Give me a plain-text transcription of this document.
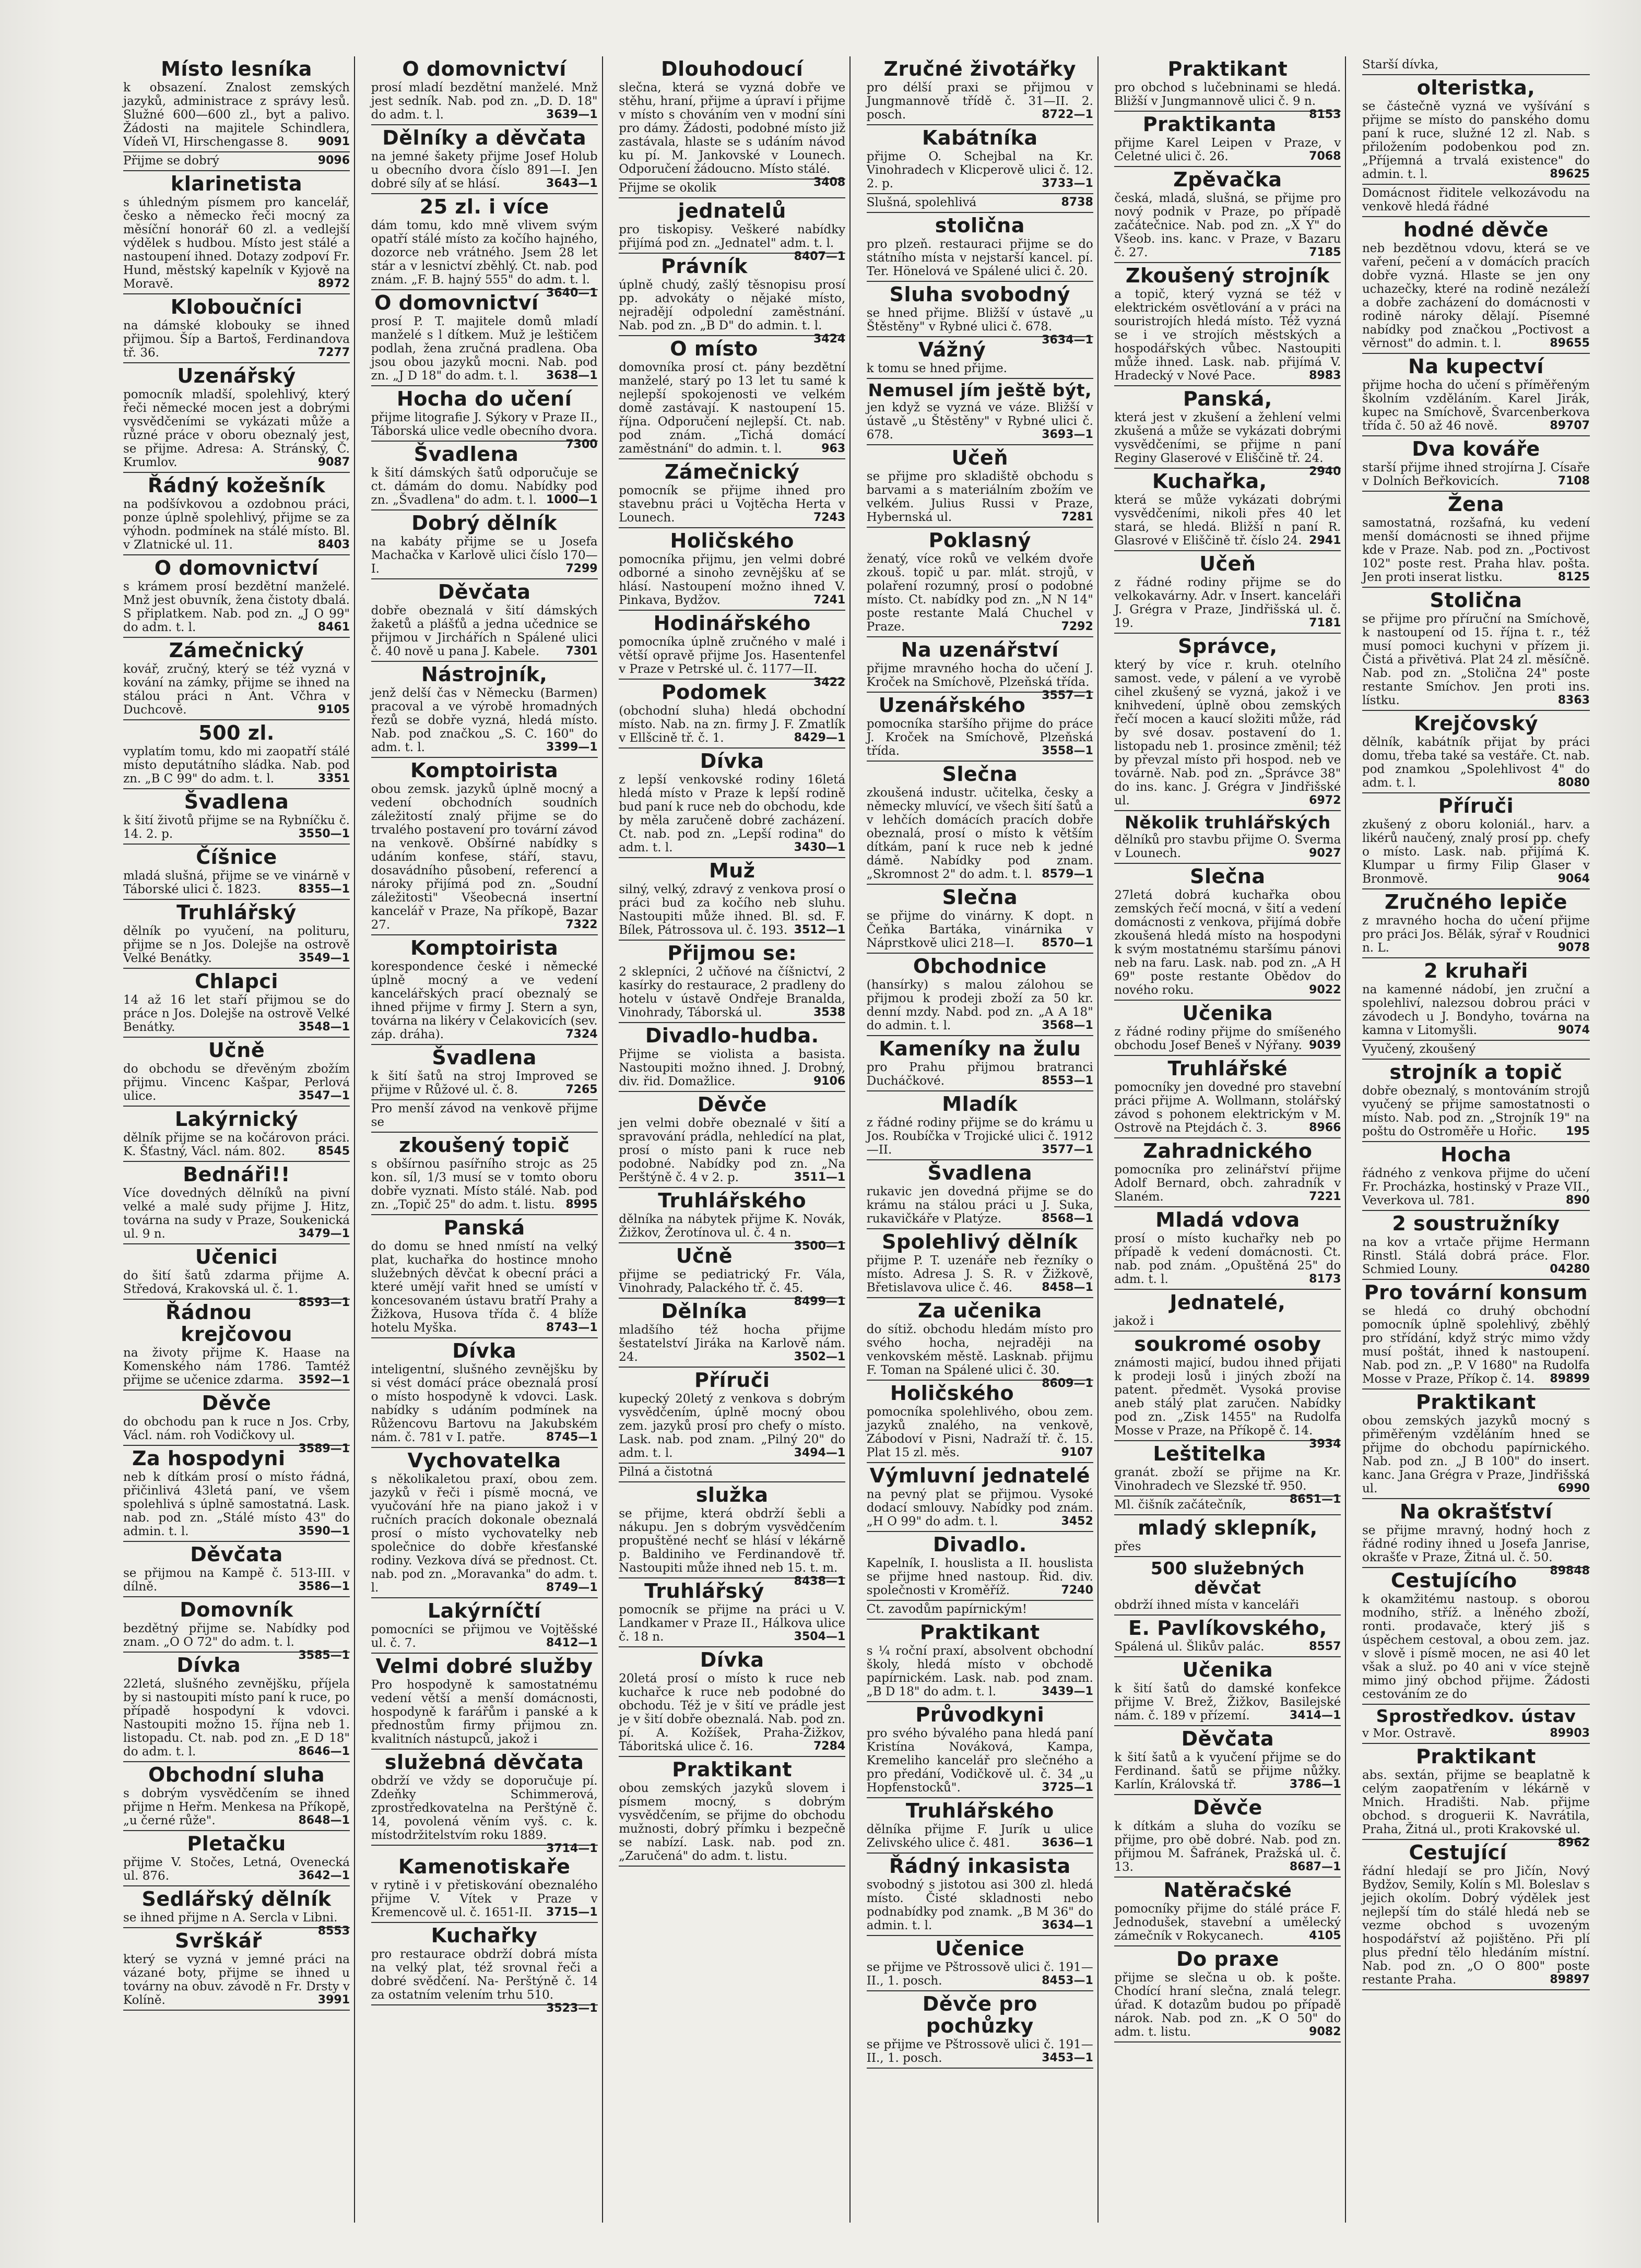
Místo lesníka

k obsazení. Znalost zemských jazyků, administrace z správy lesů. Služné 600—600 zl., byt a palivo. Žádosti na majitele Schindlera, Vídeň VI, Hirschengasse 8.	9091

Přijme se dobrý	9096

klarinetista

s úhledným písmem pro kancelář, česko a německo řeči mocný za měsíční honorář 60 zl. a vedlejší výdělek s hudbou. Místo jest stálé a nastoupení ihned. Dotazy zodpoví Fr. Hund, městský kapelník v Kyjově na Moravě.	8972

Kloboučníci

na dámské klobouky se ihned přijmou. Šíp a Bartoš, Ferdinandova tř. 36.	7277

Uzenářský

pomocník mladší, spolehlivý, který řeči německé mocen jest a dobrými vysvědčeními se vykázati může a různé práce v oboru obeznalý jest, se přijme. Adresa: A. Stránský, Č. Krumlov.	9087

Řádný kožešník

na podšívkovou a ozdobnou práci, ponze úplně spolehlivý, přijme se za výhodn. podmínek na stálé místo. Bl. v Zlatnické ul. 11.	8403

O domovnictví

s krámem prosí bezdětní manželé. Mnž jest obuvník, žena čistoty dbalá. S připlatkem. Nab. pod zn. „J O 99" do adm. t. l.	8461

Zámečnický

kovář, zručný, který se též vyzná v kování na zámky, přijme se ihned na stálou práci n Ant. Včhra v Duchcově.	9105

500 zl.

vyplatím tomu, kdo mi zaopatří stálé místo deputátního sládka. Nab. pod zn. „B C 99" do adm. t. l.	3351

Švadlena

k šití životů přijme se na Rybníčku č. 14. 2. p.	3550—1

Číšnice

mladá slušná, přijme se ve vinárně v Táborské ulici č. 1823.	8355—1

Truhlářský

dělník po vyučení, na polituru, přijme se n Jos. Dolejše na ostrově Velké Benátky.	3549—1

Chlapci

14 až 16 let staří přijmou se do práce n Jos. Dolejše na ostrově Velké Benátky.	3548—1

Učně

do obchodu se dřevěným zbožím přijmu. Vincenc Kašpar, Perlová ulice.	3547—1

Lakýrnický

dělník přijme se na kočárovon práci. K. Šťastný, Václ. nám. 802.	8545

Bednáři!!

Více dovedných dělníků na pivní velké a malé sudy přijme J. Hitz, továrna na sudy v Praze, Soukenická ul. 9 n.	3479—1

Učenici

do šití šatů zdarma přijme A. Středová, Krakovská ul. č. 1.
8593—1

Řádnou krejčovou

na životy přijme K. Haase na Komenského nám 1786. Tamtéž přijme se učenice zdarma. 3592—1

Děvče

do obchodu pan k ruce n Jos. Crby, Václ. nám. roh Vodičkovy ul.
3589—1

Za hospodyni

neb k dítkám prosí o místo řádná, přičinlivá 43letá paní, ve všem spolehlivá s úplně samostatná. Lask. nab. pod zn. „Stálé místo 43" do admin. t. l.	3590—1

Děvčata

se přijmou na Kampě č. 513-III. v dílně.	3586—1

Domovník

bezdětný přijme se. Nabídky pod znam. „O O 72" do adm. t. l.
3585—1

Dívka

22letá, slušného zevnějšku, příjela by si nastoupiti místo paní k ruce, po případě hospodyní k vdovci. Nastoupiti možno 15. října neb 1. listopadu. Ct. nab. pod zn. „E D 18" do adm. t. l.	8646—1

Obchodní sluha

s dobrým vysvědčením se ihned přijme n Heřm. Menkesa na Příkopě, „u černé růže".	8648—1

Pletačku

přijme V. Stočes, Letná, Ovenecká ul. 876.	3642—1

Sedlářský dělník

se ihned přijme n A. Sercla v Libni.
8553

Svrškář

který se vyzná v jemné práci na vázané boty, přijme se ihned u továrny na obuv. závodě n Fr. Drsty v Kolíně.	3991

O domovnictví

prosí mladí bezdětní manželé. Mnž jest sedník. Nab. pod zn. „D. D. 18" do adm. t. l.	3639—1

Dělníky a děvčata

na jemné šakety přijme Josef Holub u obecního dvora číslo 891—I. Jen dobré síly ať se hlásí.	3643—1

25 zl. i více

dám tomu, kdo mně vlivem svým opatří stálé místo za kočího hajného, dozorce neb vrátného. Jsem 28 let stár a v lesnictví zběhlý. Ct. nab. pod znám. „F. B. hajný 555" do adm. t. l.
3640—1

O domovnictví

prosí P. T. majitele domů mladí manželé s l dítkem. Muž je leštičem podlah, žena zručná pradlena. Oba jsou obou jazyků mocni. Nab. pod zn. „J D 18" do adm. t. l. 3638—1

Hocha do učení

přijme litografie J. Sýkory v Praze II., Táborská ulice vedle obecního dvora.
7300

Švadlena

k šití dámských šatů odporučuje se ct. dámám do domu. Nabídky pod zn. „Švadlena" do adm. t. l. 1000—1

Dobrý dělník

na kabáty přijme se u Josefa Machačka v Karlově ulici číslo 170—I.	7299

Děvčata

dobře obeznalá v šití dámských žaketů a plášťů a jedna učednice se přijmou v Jirchářích n Spálené ulici č. 40 nově u pana J. Kabele. 7301

Nástrojník,

jenž delší čas v Německu (Barmen) pracoval a ve výrobě hromadných řezů se dobře vyzná, hledá místo. Nab. pod značkou „S. C. 160" do adm. t. l.	3399—1

Komptoirista

obou zemsk. jazyků úplně mocný a vedení obchodních soudních záležitostí znalý přijme se do trvalého postavení pro tovární závod na venkově. Obšírné nabídky s udáním konfese, stáří, stavu, dosavádního působení, referencí a nároky přijímá pod zn. „Soudní záležitosti" Všeobecná insertní kancelář v Praze, Na příkopě, Bazar 27.	7322

Komptoirista

korespondence české i německé úplně mocný a ve vedení kancelářských prací obeznalý se ihned přijme v firmy J. Stern a syn, továrna na likéry v Čelakovicích (sev. záp. dráha).	7324

Švadlena

k šití šatů na stroj Improved se přijme v Růžové ul. č. 8.	7265

Pro menší závod na venkově přijme se

zkoušený topič

s obšírnou pasířního strojc as 25 kon. síl, 1/3 musí se v tomto oboru dobře vyznati. Místo stálé. Nab. pod zn. „Topič 25" do adm. t. listu. 8995

Panská

do domu se hned nmístí na velký plat, kuchařka do hostince mnoho služebných děvčat k obecní práci a které umějí vařit hned se umístí v koncesovaném ústavu bratří Prahy a Žižkova, Husova třída č. 4 blíže hotelu Myška.	8743—1

Dívka

inteligentní, slušného zevnějšku by si vést domácí práce obeznalá prosí o místo hospodyně k vdovci. Lask. nabídky s udáním podmínek na Růžencovu Bartovu na Jakubském nám. č. 781 v I. patře.	8745—1

Vychovatelka

s několikaletou praxí, obou zem. jazyků v řeči i písmě mocná, ve vyučování hře na piano jakož i v ručních pracích dokonale obeznalá prosí o místo vychovatelky neb společnice do dobře křesťanské rodiny. Vezkova dívá se přednost. Ct. nab. pod zn. „Moravanka" do adm. t. l.	8749—1

Lakýrníčtí

pomocníci se přijmou ve Vojtěšské ul. č. 7.	8412—1

Velmi dobré služby

Pro hospodyně k samostatnému vedení větší a menší domácnosti, hospodyně k farářům i panské a k přednostům firmy přijmou zn. kvalitních nástupců, jakož i

služebná děvčata

obdrží ve vždy se doporučuje pí. Zdeňky Schimmerová, zprostředkovatelna na Perštýně č. 14, povolená věním vyš. c. k. místodržitelstvím roku 1889.
3714—1

Kamenotiskaře

v rytině i v přetiskování obeznalého přijme V. Vítek v Praze v Kremencově ul. č. 1651-II. 3715—1

Kuchařky

pro restaurace obdrží dobrá místa na velký plat, též srovnal řeči a dobré svědčení. Na- Perštýně č. 14 za ostatním velením trhu 510.
3523—1

Dlouhodoucí

slečna, která se vyzná dobře ve stěhu, hraní, přijme a úpraví i přijme v místo s chováním ven v modní síni pro dámy. Žádosti, podobné místo již zastávala, hlaste se s udáním návod ku pí. M. Jankovské v Lounech. Odporučení žádoucno. Místo stálé.
3408

Přijme se okolik

jednatelů

pro tiskopisy. Veškeré nabídky přijímá pod zn. „Jednatel" adm. t. l.
8407—1

Právník

úplně chudý, zašlý těsnopisu prosí pp. advokáty o nějaké místo, nejradějí odpolední zaměstnání. Nab. pod zn. „B D" do admin. t. l.
3424

O místo

domovníka prosí ct. pány bezdětní manželé, starý po 13 let tu samé k nejlepší spokojenosti ve velkém domě zastávají. K nastoupení 15. října. Odporučení nejlepší. Ct. nab. pod znám. „Tichá domácí zaměstnání" do admin. t. l.	963

Zámečnický

pomocník se přijme ihned pro stavebnu práci u Vojtěcha Herta v Lounech.	7243

Holičského

pomocníka přijmu, jen velmi dobré odborné a sinoho zevnějšku ať se hlásí. Nastoupení možno ihned V. Pinkava, Bydžov.	7241

Hodinářského

pomocníka úplně zručného v malé i větší opravě přijme Jos. Hasentenfel v Praze v Petrské ul. č. 1177—II.
3422

Podomek

(obchodní sluha) hledá obchodní místo. Nab. na zn. firmy J. F. Zmatlík v Ellšcině tř. č. 1.	8429—1

Dívka

z lepší venkovské rodiny 16letá hledá místo v Praze k lepší rodině bud paní k ruce neb do obchodu, kde by měla zaručeně dobré zacházení. Ct. nab. pod zn. „Lepší rodina" do adm. t. l.	3430—1

Muž

silný, velký, zdravý z venkova prosí o práci bud za kočího neb sluhu. Nastoupiti může ihned. Bl. sd. F. Bílek, Pátrossova ul. č. 193. 3512—1

Přijmou se:

2 sklepníci, 2 učňové na číšnictví, 2 kasírky do restaurace, 2 pradleny do hotelu v ústavě Ondřeje Branalda, Vinohrady, Táborská ul.	3538

Divadlo-hudba.

Přijme se violista a basista. Nastoupiti možno ihned. J. Drobný, div. řid. Domažlice.	9106

Děvče

jen velmi dobře obeznalé v šití a spravování prádla, nehledící na plat, prosí o místo pani k ruce neb podobné. Nabídky pod zn. „Na Perštýně č. 4 v 2. p.	3511—1

Truhlářského

dělníka na nábytek přijme K. Novák, Žižkov, Žerotínova ul. č. 4 n.
3500—1

Učně

přijme se pediatrický Fr. Vála, Vinohrady, Palackého tř. č. 45.
8499—1

Dělníka

mladšího též hocha přijme šestatelství Jiráka na Karlově nám. 24.	3502—1

Příruči

kupecký 20letý z venkova s dobrým vysvědčením, úplně mocný obou zem. jazyků prosí pro chefy o místo. Lask. nab. pod znam. „Pilný 20" do adm. t. l.	3494—1

Pilná a čistotná

služka

se přijme, která obdrží šebli a nákupu. Jen s dobrým vysvědčením propuštěné nechť se hlásí v lékárně p. Baldiniho ve Ferdinandově tř. Nastoupiti může ihned neb 15. t. m.
8438—1

Truhlářský

pomocník se přijme na práci u V. Landkamer v Praze II., Hálkova ulice č. 18 n.	3504—1

Dívka

20letá prosí o místo k ruce neb kuchařce k ruce neb podobné do obchodu. Též je v šití ve prádle jest je v šití dobře obeznalá. Nab. pod zn. pí. A. Kožíšek, Praha-Žižkov, Táboritská ulice č. 16.	7284

Praktikant

obou zemských jazyků slovem i písmem mocný, s dobrým vysvědčením, se přijme do obchodu mužnosti, dobrý přímku i bezpečně se nabízí. Lask. nab. pod zn. „Zaručená" do adm. t. listu.

Zručné životářky

pro délší praxi se přijmou v Jungmannově třídě č. 31—II. 2. posch.	8722—1

Kabátníka

přijme O. Schejbal na Kr. Vinohradech v Klicperově ulici č. 12. 2. p.	3733—1

Slušná, spolehlivá	8738

stolična

pro plzeň. restauraci přijme se do státního místa v nejstarší kancel. pí. Ter. Hönelová ve Spálené ulici č. 20.

Sluha svobodný

se hned přijme. Bližší v ústavě „u Štěstěny" v Rybné ulici č. 678.
3634—1

Vážný

k tomu se hned přijme.

Nemusel jím ještě být,

jen když se vyzná ve váze. Bližší v ústavě „u Štěstěny" v Rybné ulici č. 678.	3693—1

Učeň

se přijme pro skladiště obchodu s barvami a s materiálním zbožím ve velkém. Julius Russi v Praze, Hybernská ul.	7281

Poklasný

ženatý, více roků ve velkém dvoře zkouš. topič u par. mlát. strojů, v polaření rozumný, prosí o podobné místo. Ct. nabídky pod zn. „N N 14" poste restante Malá Chuchel v Praze.	7292

Na uzenářství

přijme mravného hocha do učení J. Kroček na Smíchově, Plzeňská třída.
3557—1

Uzenářského

pomocníka staršího přijme do práce J. Kroček na Smíchově, Plzeňská třída.	3558—1

Slečna

zkoušená industr. učitelka, česky a německy mluvící, ve všech šití šatů a v lehčích domácích pracích dobře obeznalá, prosí o místo k větším dítkám, paní k ruce neb k jedné dámě. Nabídky pod znam. „Skromnost 2" do adm. t. l. 8579—1

Slečna

se přijme do vinárny. K dopt. n Čeňka Bartáka, vinárnika v Náprstkově ulici 218—I. 8570—1

Obchodnice

(hansírky) s malou zálohou se přijmou k prodeji zboží za 50 kr. denní mzdy. Nabd. pod zn. „A A 18" do admin. t. l.	3568—1

Kameníky na žulu

pro Prahu přijmou bratranci Ducháčkové.	8553—1

Mladík

z řádné rodiny přijme se do krámu u Jos. Roubíčka v Trojické ulici č. 1912—II.	3577—1

Švadlena

rukavic jen dovedná přijme se do krámu na stálou práci u J. Suka, rukavičkáře v Platýze.	8568—1

Spolehlivý dělník

přijme P. T. uzenáře neb řezníky o místo. Adresa J. S. R. v Žižkově, Břetislavova ulice č. 46.	8458—1

Za učenika

do sítiž. obchodu hledám místo pro svého hocha, nejraději na venkovském městě. Lasknab. přijmu F. Toman na Spálené ulici č. 30.
8609—1

Holičského

pomocníka spolehlivého, obou zem. jazyků znalého, na venkově, Zábodoví v Pisni, Nadraží tř. č. 15. Plat 15 zl. měs.	9107

Výmluvní jednatelé

na pevný plat se přijmou. Vysoké dodací smlouvy. Nabídky pod znám. „H O 99" do adm. t. l.	3452

Divadlo.

Kapelník, I. houslista a II. houslista se přijme hned nastoup. Řid. div. společnosti v Kroměříž.	7240

Ct. zavodům papírnickým!

Praktikant

s ¼ roční praxí, absolvent obchodní školy, hledá místo v obchodě papírnickém. Lask. nab. pod znam. „B D 18" do adm. t. l.	3439—1

Průvodkyni

pro svého bývalého pana hledá paní Kristína Nováková, Kampa, Kremeliho kancelář pro slečného a pro předání, Vodičkově ul. č. 34 „u Hopfenstocků".	3725—1

Truhlářského

dělníka přijme F. Jurík u ulice Zelivského ulice č. 481.	3636—1

Řádný inkasista

svobodný s jistotou asi 300 zl. hledá místo. Čisté skladnosti nebo podnabídky pod znamk. „B M 36" do admin. t. l.	3634—1

Učenice

se přijme ve Pštrossově ulici č. 191—II., 1. posch.	8453—1

Děvče pro pochůzky

se přijme ve Pštrossově ulici č. 191—II., 1. posch.	3453—1

Praktikant

pro obchod s lučebninami se hledá. Bližší v Jungmannově ulici č. 9 n.
8153

Praktikanta

přijme Karel Leipen v Praze, v Celetné ulici č. 26.	7068

Zpěvačka

česká, mladá, slušná, se přijme pro nový podnik v Praze, po případě začátečnice. Nab. pod zn. „X Y" do Všeob. ins. kanc. v Praze, v Bazaru č. 27.	7185

Zkoušený strojník

a topič, který vyzná se též v elektrickém osvětlování a v práci na souristrojích hledá místo. Též vyzná se i ve strojích městských a hospodářských vůbec. Nastoupiti může ihned. Lask. nab. přijímá V. Hradecký v Nové Pace.	8983

Panská,

která jest v zkušení a žehlení velmi zkušená a může se vykázati dobrými vysvědčeními, se přijme n paní Reginy Glaserové v Eliščině tř. 24.
2940

Kuchařka,

která se může vykázati dobrými vysvědčeními, nikoli přes 40 let stará, se hledá. Bližší n paní R. Glasrové v Eliščině tř. číslo 24. 2941

Učeň

z řádné rodiny přijme se do velkokavárny. Adr. v Insert. kanceláři J. Grégra v Praze, Jindřišská ul. č. 19.	7181

Správce,

který by více r. kruh. otelního samost. vede, v pálení a ve vyrobě cihel zkušený se vyzná, jakož i ve knihvedení, úplně obou zemských řečí mocen a kaucí složiti může, rád by své dosav. postavení do 1. listopadu neb 1. prosince změnil; též by převzal místo při hospod. neb ve továrně. Nab. pod zn. „Správce 38" do ins. kanc. J. Grégra v Jindřišské ul.	6972

Několik truhlářských

dělníků pro stavbu přijme O. Sverma v Lounech.	9027

Slečna

27letá dobrá kuchařka obou zemských řečí mocná, v šití a vedení domácnosti z venkova, přijímá dobře zkoušená hledá místo na hospodyni k svým mostatnému staršímu pánovi neb na faru. Lask. nab. pod zn. „A H 69" poste restante Obědov do nového roku.	9022

Učenika

z řádné rodiny přijme do smíšeného obchodu Josef Beneš v Nýřany. 9039

Truhlářské

pomocníky jen dovedné pro stavební práci přijme A. Wollmann, stolářský závod s pohonem elektrickým v M. Ostrově na Ptejdách č. 3.	8966

Zahradnického

pomocníka pro zelinářství přijme Adolf Bernard, obch. zahradník v Slaném.	7221

Mladá vdova

prosí o místo kuchařky neb po případě k vedení domácnosti. Ct. nab. pod znám. „Opuštěná 25" do adm. t. l.	8173

Jednatelé,

jakož i

soukromé osoby

známosti majicí, budou ihned přijati k prodeji losů i jiných zboží na patent. předmět. Vysoká provise aneb stálý plat zaručen. Nabídky pod zn. „Zisk 1455" na Rudolfa Mosse v Praze, na Příkopě č. 14.
3934

Leštitelka

granát. zboží se přijme na Kr. Vinohradech ve Slezské tř. 950.
8651—1

Ml. čišník začátečník,

mladý sklepník,

přes

500 služebných děvčat

obdrží ihned místa v kanceláři

E. Pavlíkovského,

Spálená ul. Šlikův palác.	8557

Učenika

k šití šatů do damské konfekce přijme V. Brež, Žižkov, Basilejské nám. č. 189 v přízemí.	3414—1

Děvčata

k šití šatů a k vyučení přijme se do Ferdinand. šatů se přijme nůžky. Karlín, Královská tř.	3786—1

Děvče

k dítkám a sluha do vozíku se přijme, pro obě dobré. Nab. pod zn. přijmou M. Šafránek, Pražská ul. č. 13.	8687—1

Natěračské

pomocníky přijme do stálé práce F. Jednodušek, stavební a umělecký zámečník v Rokycanech.	4105

Do praxe

přijme se slečna u ob. k pošte. Chodící hraní slečna, znalá telegr. úřad. K dotazům budou po případě nárok. Nab. pod zn. „K O 50" do adm. t. listu.	9082

Starší dívka,

olteristka,

se částečně vyzná ve vyšívání s přijme se místo do panského domu paní k ruce, služné 12 zl. Nab. s přiložením podobenkou pod zn. „Příjemná a trvalá existence" do admin. t. l.	89625

Domácnost řiditele velkozávodu na venkově hledá řádné

hodné děvče

neb bezdětnou vdovu, která se ve vaření, pečení a v domácích pracích dobře vyzná. Hlaste se jen ony uchazečky, které na rodině nezáleží a dobře zacházení do domácnosti v rodině nároky dělají. Písemné nabídky pod značkou „Poctivost a věrnost" do admin. t. l.	89655

Na kupectví

přijme hocha do učení s příměřeným školním vzděláním. Karel Jirák, kupec na Smíchově, Švarcenberkova třída č. 50 až 46 nově.	89707

Dva kováře

starší přijme ihned strojírna J. Císaře v Dolních Beřkovicích.	7108

Žena

samostatná, rozšafná, ku vedení menší domácnosti se ihned přijme kde v Praze. Nab. pod zn. „Poctivost 102" poste rest. Praha hlav. pošta. Jen proti inserat listku.	8125

Stolična

se přijme pro příruční na Smíchově, k nastoupení od 15. října t. r., též musí pomoci kuchyni v přízem ji. Čistá a přivětivá. Plat 24 zl. měsíčně. Nab. pod zn. „Stolična 24" poste restante Smíchov. Jen proti ins. lístku.	8363

Krejčovský

dělník, kabátník přijat by práci domu, třeba také sa vestáře. Ct. nab. pod znamkou „Spolehlivost 4" do adm. t. l.	8080

Příruči

zkušený z oboru koloniál., harv. a likérů naučený, znalý prosí pp. chefy o místo. Lask. nab. přijímá K. Klumpar u firmy Filip Glaser v Bronmově.	9064

Zručného lepiče

z mravného hocha do učení přijme pro práci Jos. Bělák, sýrař v Roudnici n. L.	9078

2 kruhaři

na kamenné nádobí, jen zruční a spolehliví, nalezsou dobrou práci v závodech u J. Bondyho, továrna na kamna v Litomyšli.	9074

Vyučený, zkoušený

strojník a topič

dobře obeznalý, s montováním strojů vyučený se přijme samostatnosti o místo. Nab. pod zn. „Strojník 19" na poštu do Ostroměře u Hořic.	195

Hocha

řádného z venkova přijme do učení Fr. Procházka, hostinský v Praze VII., Veverkova ul. 781.	890

2 soustružníky

na kov a vrtače přijme Hermann Rinstl. Stálá dobrá práce. Flor. Schmied Louny.	04280

Pro tovární konsum

se hledá co druhý obchodní pomocník úplně spolehlivý, zběhlý pro střídání, když strýc mimo vždy musí poštát, ihned k nastoupení. Nab. pod zn. „P. V 1680" na Rudolfa Mosse v Praze, Příkop č. 14. 89899

Praktikant

obou zemských jazyků mocný s přiměřeným vzděláním hned se přijme do obchodu papírnického. Nab. pod zn. „J B 100" do insert. kanc. Jana Grégra v Praze, Jindřišská ul.	6990

Na okrašťství

se přijme mravný, hodný hoch z řádné rodiny ihned u Josefa Janrise, okrašťe v Praze, Žitná ul. č. 50.
89848

Cestujícího

k okamžitému nastoup. s oborou modního, stříž. a lněného zboží, ronti. prodavače, který jiš s úspěchem cestoval, a obou zem. jaz. v slově i písmě mocen, ne asi 40 let však a služ. po 40 ani v více stejně mimo jiný obchod přijme. Žádosti cestováním ze do

Sprostředkov. ústav

v Mor. Ostravě.	89903

Praktikant

abs. sextán, přijme se beaplatně k celým zaopatřením v lékárně v Mnich. Hradišti. Nab. přijme obchod. s droguerii K. Navrátila, Praha, Žitná ul., proti Krakovské ul.
8962

Cestující

řádní hledají se pro Jičín, Nový Bydžov, Semily, Kolín s Ml. Boleslav s jejich okolím. Dobrý výdělek jest nejlepší tím do stálé hledá neb se vezme obchod s uvozeným hospodářství až pojištěno. Při plí plus přední tělo hledáním místní. Nab. pod zn. „O O 800" poste restante Praha.	89897
